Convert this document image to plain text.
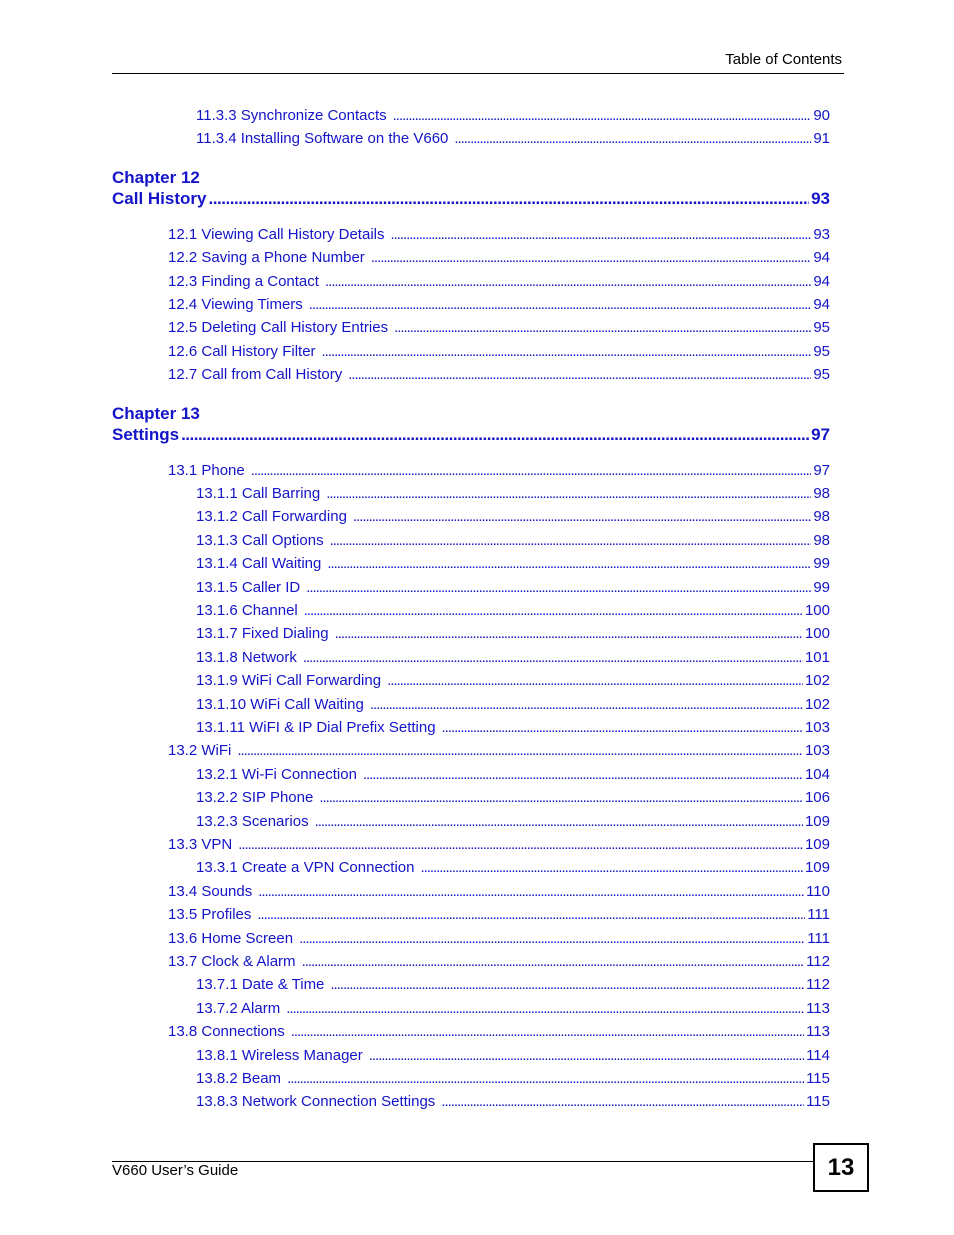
Table of Contents
11.3.3 Synchronize Contacts . . .	90
11.3.4 Installing Software on the V660 . . .	91
Chapter 12
Call History . . .	93
12.1 Viewing Call History Details . . .	93
12.2 Saving a Phone Number . . .	94
12.3 Finding a Contact . . .	94
12.4 Viewing Timers . . .	94
12.5 Deleting Call History Entries . . .	95
12.6 Call History Filter . . .	95
12.7 Call from Call History . . .	95
Chapter 13
Settings . . .	97
13.1 Phone . . .	97
13.1.1 Call Barring . . .	98
13.1.2 Call Forwarding . . .	98
13.1.3 Call Options . . .	98
13.1.4 Call Waiting . . .	99
13.1.5 Caller ID . . .	99
13.1.6 Channel . . .	100
13.1.7 Fixed Dialing . . .	100
13.1.8 Network . . .	101
13.1.9 WiFi Call Forwarding . . .	102
13.1.10 WiFi Call Waiting . . .	102
13.1.11 WiFI & IP Dial Prefix Setting . . .	103
13.2 WiFi . . .	103
13.2.1 Wi-Fi Connection . . .	104
13.2.2 SIP Phone . . .	106
13.2.3 Scenarios . . .	109
13.3 VPN . . .	109
13.3.1 Create a VPN Connection . . .	109
13.4 Sounds . . .	110
13.5 Profiles . . .	111
13.6 Home Screen . . .	111
13.7 Clock & Alarm . . .	112
13.7.1 Date & Time . . .	112
13.7.2 Alarm . . .	113
13.8 Connections . . .	113
13.8.1 Wireless Manager . . .	114
13.8.2 Beam . . .	115
13.8.3 Network Connection Settings . . .	115
V660 User’s Guide	13
